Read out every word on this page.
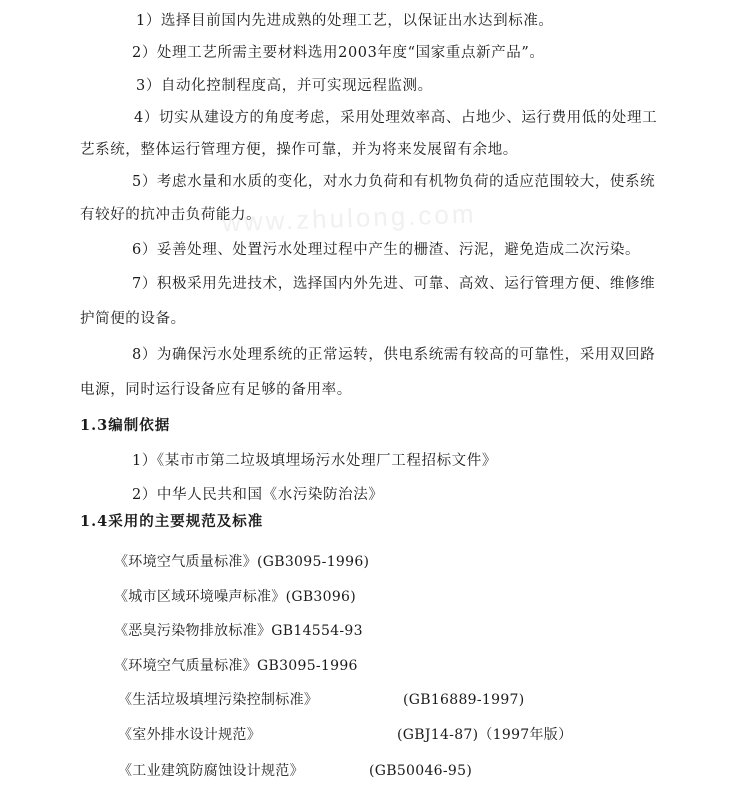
www.zhulong.com
1）选择目前国内先进成熟的处理工艺，以保证出水达到标准。
2）处理工艺所需主要材料选用2003年度“国家重点新产品”。
3）自动化控制程度高，并可实现远程监测。
4）切实从建设方的角度考虑，采用处理效率高、占地少、运行费用低的处理工
艺系统，整体运行管理方便，操作可靠，并为将来发展留有余地。
5）考虑水量和水质的变化，对水力负荷和有机物负荷的适应范围较大，使系统
有较好的抗冲击负荷能力。
6）妥善处理、处置污水处理过程中产生的栅渣、污泥，避免造成二次污染。
7）积极采用先进技术，选择国内外先进、可靠、高效、运行管理方便、维修维
护简便的设备。
8）为确保污水处理系统的正常运转，供电系统需有较高的可靠性，采用双回路
电源，同时运行设备应有足够的备用率。
1.3编制依据
1）《某市市第二垃圾填埋场污水处理厂工程招标文件》
2）中华人民共和国《水污染防治法》
1.4采用的主要规范及标准
《环境空气质量标准》(GB3095-1996)
《城市区域环境噪声标准》(GB3096)
《恶臭污染物排放标准》GB14554-93
《环境空气质量标准》GB3095-1996
《生活垃圾填埋污染控制标准》	(GB16889-1997)
《室外排水设计规范》	(GBJ14-87)（1997年版）
《工业建筑防腐蚀设计规范》	(GB50046-95)
